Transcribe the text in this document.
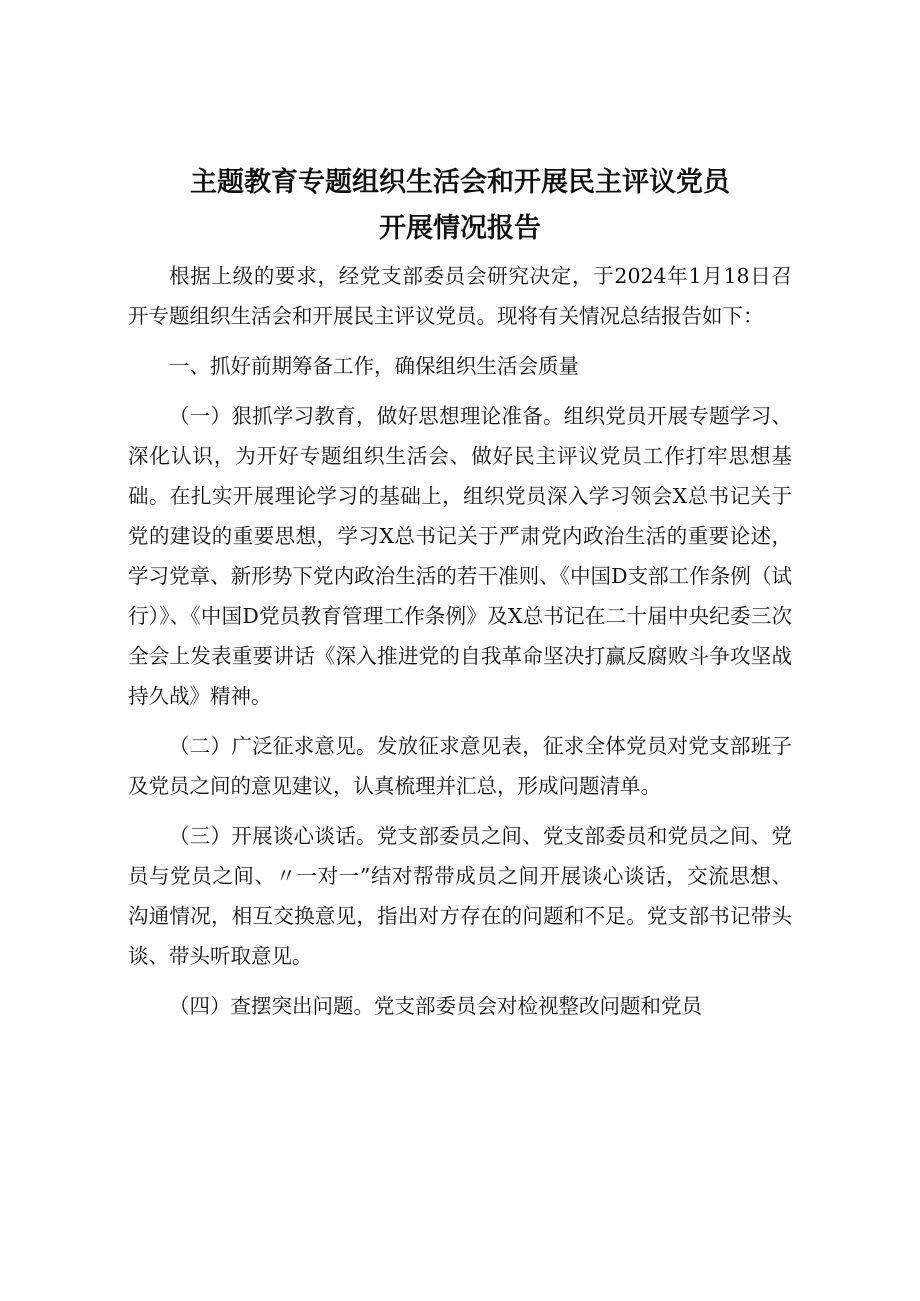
主题教育专题组织生活会和开展民主评议党员
开展情况报告

根据上级的要求，经党支部委员会研究决定，于2024年1月18日召开专题组织生活会和开展民主评议党员。现将有关情况总结报告如下：

一、抓好前期筹备工作，确保组织生活会质量

（一）狠抓学习教育，做好思想理论准备。组织党员开展专题学习、深化认识，为开好专题组织生活会、做好民主评议党员工作打牢思想基础。在扎实开展理论学习的基础上，组织党员深入学习领会X总书记关于党的建设的重要思想，学习X总书记关于严肃党内政治生活的重要论述，学习党章、新形势下党内政治生活的若干准则、《中国D支部工作条例（试行）》、《中国D党员教育管理工作条例》及X总书记在二十届中央纪委三次全会上发表重要讲话《深入推进党的自我革命坚决打赢反腐败斗争攻坚战持久战》精神。

（二）广泛征求意见。发放征求意见表，征求全体党员对党支部班子及党员之间的意见建议，认真梳理并汇总，形成问题清单。

（三）开展谈心谈话。党支部委员之间、党支部委员和党员之间、党员与党员之间、〃一对一”结对帮带成员之间开展谈心谈话，交流思想、沟通情况，相互交换意见，指出对方存在的问题和不足。党支部书记带头谈、带头听取意见。

（四）查摆突出问题。党支部委员会对检视整改问题和党员
